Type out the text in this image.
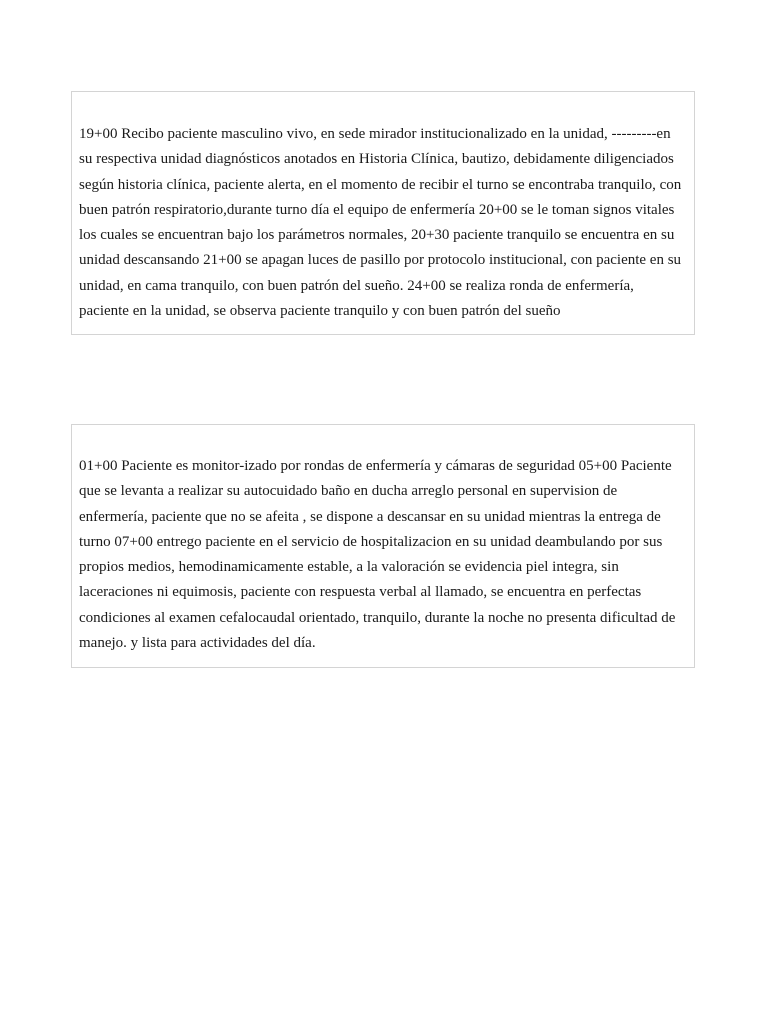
19+00 Recibo paciente masculino vivo, en sede mirador institucionalizado en la unidad, ---------en su respectiva unidad diagnósticos anotados en Historia Clínica, bautizo, debidamente diligenciados según historia clínica, paciente alerta, en el momento de recibir el turno se encontraba tranquilo, con buen patrón respiratorio,durante turno día el equipo de enfermería 20+00 se le toman signos vitales los cuales se encuentran bajo los parámetros normales, 20+30 paciente tranquilo se encuentra en su unidad descansando 21+00 se apagan luces de pasillo por protocolo institucional, con paciente en su unidad, en cama tranquilo, con buen patrón del sueño. 24+00 se realiza ronda de enfermería, paciente en la unidad, se observa paciente tranquilo y con buen patrón del sueño

01+00 Paciente es monitor-izado por rondas de enfermería y cámaras de seguridad 05+00 Paciente que se levanta a realizar su autocuidado baño en ducha arreglo personal en supervision de enfermería, paciente que no se afeita , se dispone a descansar en su unidad mientras la entrega de turno 07+00 entrego paciente en el servicio de hospitalizacion en su unidad deambulando por sus propios medios, hemodinamicamente estable, a la valoración se evidencia piel integra, sin laceraciones ni equimosis, paciente con respuesta verbal al llamado, se encuentra en perfectas condiciones al examen cefalocaudal orientado, tranquilo, durante la noche no presenta dificultad de manejo. y lista para actividades del día.
